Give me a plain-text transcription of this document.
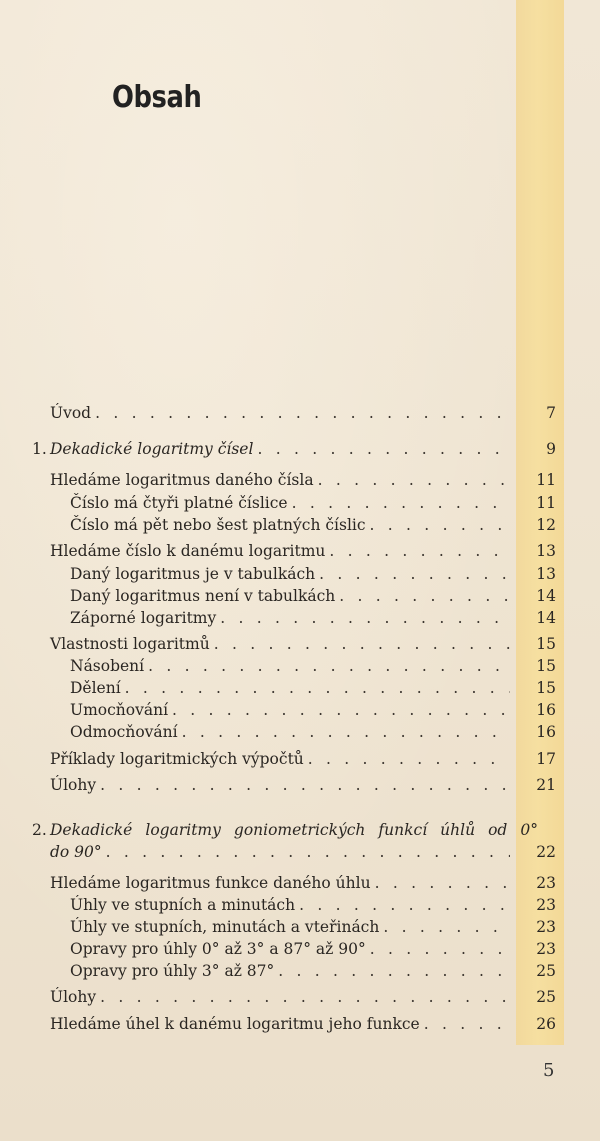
Obsah
Úvod . . .	7
1. Dekadické logaritmy čísel . . .	9
Hledáme logaritmus daného čísla . . .	11
Číslo má čtyři platné číslice . . .	11
Číslo má pět nebo šest platných číslic . . .	12
Hledáme číslo k danému logaritmu . . .	13
Daný logaritmus je v tabulkách . . .	13
Daný logaritmus není v tabulkách . . .	14
Záporné logaritmy . . .	14
Vlastnosti logaritmů . . .	15
Násobení . . .	15
Dělení . . .	15
Umocňování . . .	16
Odmocňování . . .	16
Příklady logaritmických výpočtů . . .	17
Úlohy . . .	21
2. Dekadické logaritmy goniometrických funkcí úhlů od 0°
do 90° . . .	22
Hledáme logaritmus funkce daného úhlu . . .	23
Úhly ve stupních a minutách . . .	23
Úhly ve stupních, minutách a vteřinách . . .	23
Opravy pro úhly 0° až 3° a 87° až 90° . . .	23
Opravy pro úhly 3° až 87° . . .	25
Úlohy . . .	25
Hledáme úhel k danému logaritmu jeho funkce . . .	26
5
